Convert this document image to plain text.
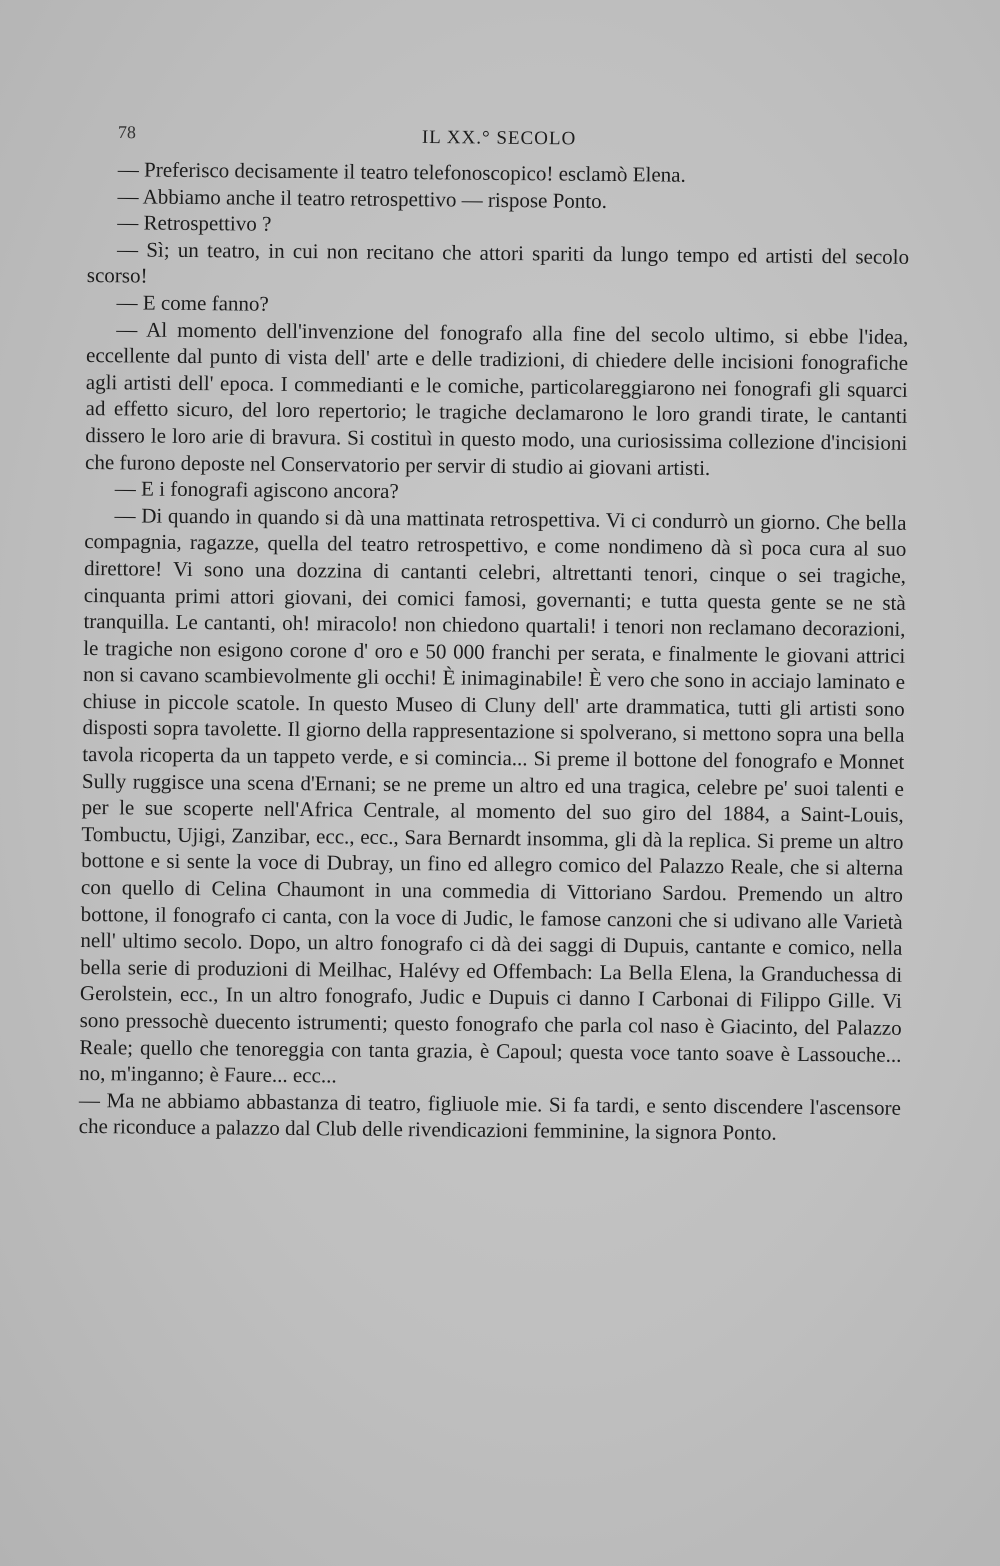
78	IL XX.° SECOLO

— Preferisco decisamente il teatro telefonoscopico! esclamò Elena.

— Abbiamo anche il teatro retrospettivo — rispose Ponto.

— Retrospettivo ?

— Sì; un teatro, in cui non recitano che attori spariti da lungo tempo ed artisti del secolo scorso!

— E come fanno?

— Al momento dell'invenzione del fonografo alla fine del secolo ultimo, si ebbe l'idea, eccellente dal punto di vista dell' arte e delle tradizioni, di chiedere delle incisioni fonografiche agli artisti dell' epoca. I commedianti e le comiche, particolareggiarono nei fonografi gli squarci ad effetto sicuro, del loro repertorio; le tragiche declamarono le loro grandi tirate, le cantanti dissero le loro arie di bravura. Si costituì in questo modo, una curiosissima collezione d'incisioni che furono deposte nel Conservatorio per servir di studio ai giovani artisti.

— E i fonografi agiscono ancora?

— Di quando in quando si dà una mattinata retrospettiva. Vi ci condurrò un giorno. Che bella compagnia, ragazze, quella del teatro retrospettivo, e come nondimeno dà sì poca cura al suo direttore! Vi sono una dozzina di cantanti celebri, altrettanti tenori, cinque o sei tragiche, cinquanta primi attori giovani, dei comici famosi, governanti; e tutta questa gente se ne stà tranquilla. Le cantanti, oh! miracolo! non chiedono quartali! i tenori non reclamano decorazioni, le tragiche non esigono corone d' oro e 50 000 franchi per serata, e finalmente le giovani attrici non si cavano scambievolmente gli occhi! È inimaginabile! È vero che sono in acciajo laminato e chiuse in piccole scatole. In questo Museo di Cluny dell' arte drammatica, tutti gli artisti sono disposti sopra tavolette. Il giorno della rappresentazione si spolverano, si mettono sopra una bella tavola ricoperta da un tappeto verde, e si comincia... Si preme il bottone del fonografo e Monnet Sully ruggisce una scena d'Ernani; se ne preme un altro ed una tragica, celebre pe' suoi talenti e per le sue scoperte nell'Africa Centrale, al momento del suo giro del 1884, a Saint-Louis, Tombuctu, Ujigi, Zanzibar, ecc., ecc., Sara Bernardt insomma, gli dà la replica. Si preme un altro bottone e si sente la voce di Dubray, un fino ed allegro comico del Palazzo Reale, che si alterna con quello di Celina Chaumont in una commedia di Vittoriano Sardou. Premendo un altro bottone, il fonografo ci canta, con la voce di Judic, le famose canzoni che si udivano alle Varietà nell' ultimo secolo. Dopo, un altro fonografo ci dà dei saggi di Dupuis, cantante e comico, nella bella serie di produzioni di Meilhac, Halévy ed Offembach: La Bella Elena, la Granduchessa di Gerolstein, ecc., In un altro fonografo, Judic e Dupuis ci danno I Carbonai di Filippo Gille. Vi sono pressochè duecento istrumenti; questo fonografo che parla col naso è Giacinto, del Palazzo Reale; quello che tenoreggia con tanta grazia, è Capoul; questa voce tanto soave è Lassouche... no, m'inganno; è Faure... ecc...

— Ma ne abbiamo abbastanza di teatro, figliuole mie. Si fa tardi, e sento discendere l'ascensore che riconduce a palazzo dal Club delle rivendicazioni femminine, la signora Ponto.
